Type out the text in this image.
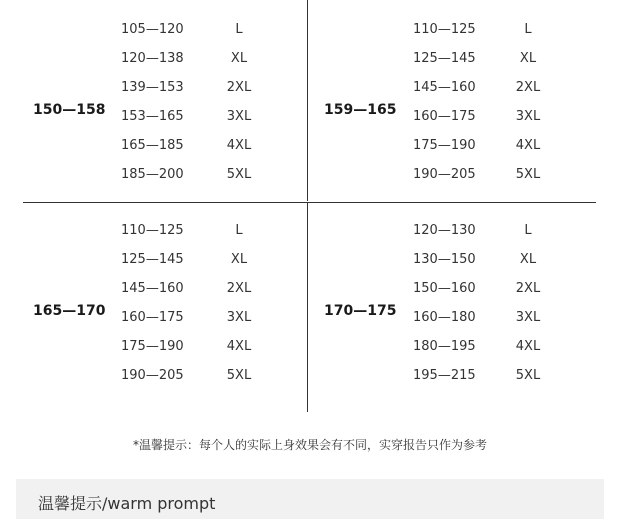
150—158
105—120	L
120—138	XL
139—153	2XL
153—165	3XL
165—185	4XL
185—200	5XL
159—165
110—125	L
125—145	XL
145—160	2XL
160—175	3XL
175—190	4XL
190—205	5XL
165—170
110—125	L
125—145	XL
145—160	2XL
160—175	3XL
175—190	4XL
190—205	5XL
170—175
120—130	L
130—150	XL
150—160	2XL
160—180	3XL
180—195	4XL
195—215	5XL
*温馨提示：每个人的实际上身效果会有不同，实穿报告只作为参考
温馨提示/warm prompt
